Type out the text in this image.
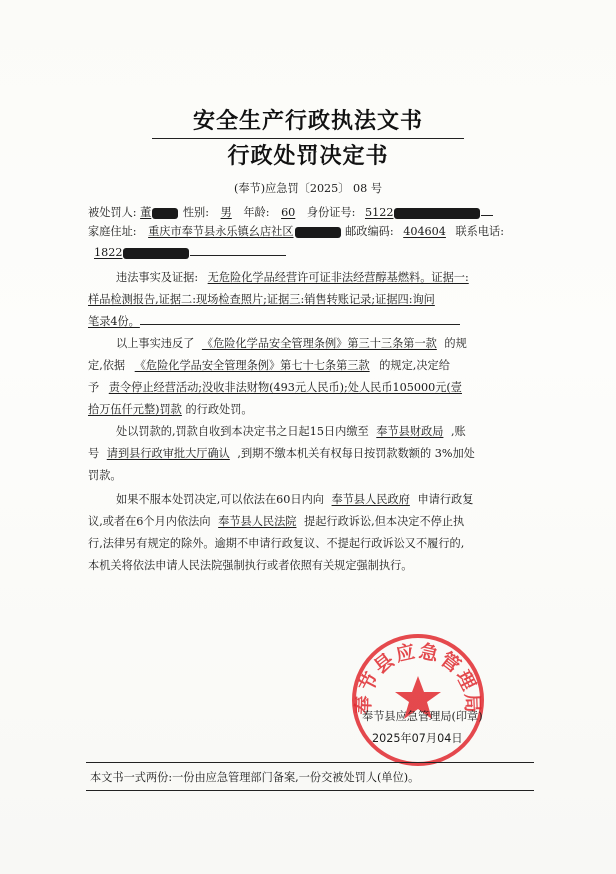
安全生产行政执法文书
行政处罚决定书
(奉节)应急罚〔2025〕 08 号
被处罚人: 董	性别: 男 年龄: 60 身份证号: 5122
家庭住址: 重庆市奉节县永乐镇幺店社区	邮政编码: 404604 联系电话:
1822
违法事实及证据: 无危险化学品经营许可证非法经营醇基燃料。证据一:
样品检测报告,证据二:现场检查照片;证据三:销售转账记录;证据四:询问
笔录4份。
以上事实违反了 《危险化学品安全管理条例》第三十三条第一款 的规
定,依据 《危险化学品安全管理条例》第七十七条第三款 的规定,决定给
予 责令停止经营活动;没收非法财物(493元人民币);处人民币105000元(壹
拾万伍仟元整)罚款 的行政处罚。
处以罚款的,罚款自收到本决定书之日起15日内缴至 奉节县财政局 ,账
号 请到县行政审批大厅确认 ,到期不缴本机关有权每日按罚款数额的 3%加处
罚款。
如果不服本处罚决定,可以依法在60日内向 奉节县人民政府 申请行政复
议,或者在6个月内依法向 奉节县人民法院 提起行政诉讼,但本决定不停止执
行,法律另有规定的除外。逾期不申请行政复议、不提起行政诉讼又不履行的,
本机关将依法申请人民法院强制执行或者依照有关规定强制执行。
奉节县应急管理局
奉节县应急管理局(印章)
2025年07月04日
本文书一式两份:一份由应急管理部门备案,一份交被处罚人(单位)。
